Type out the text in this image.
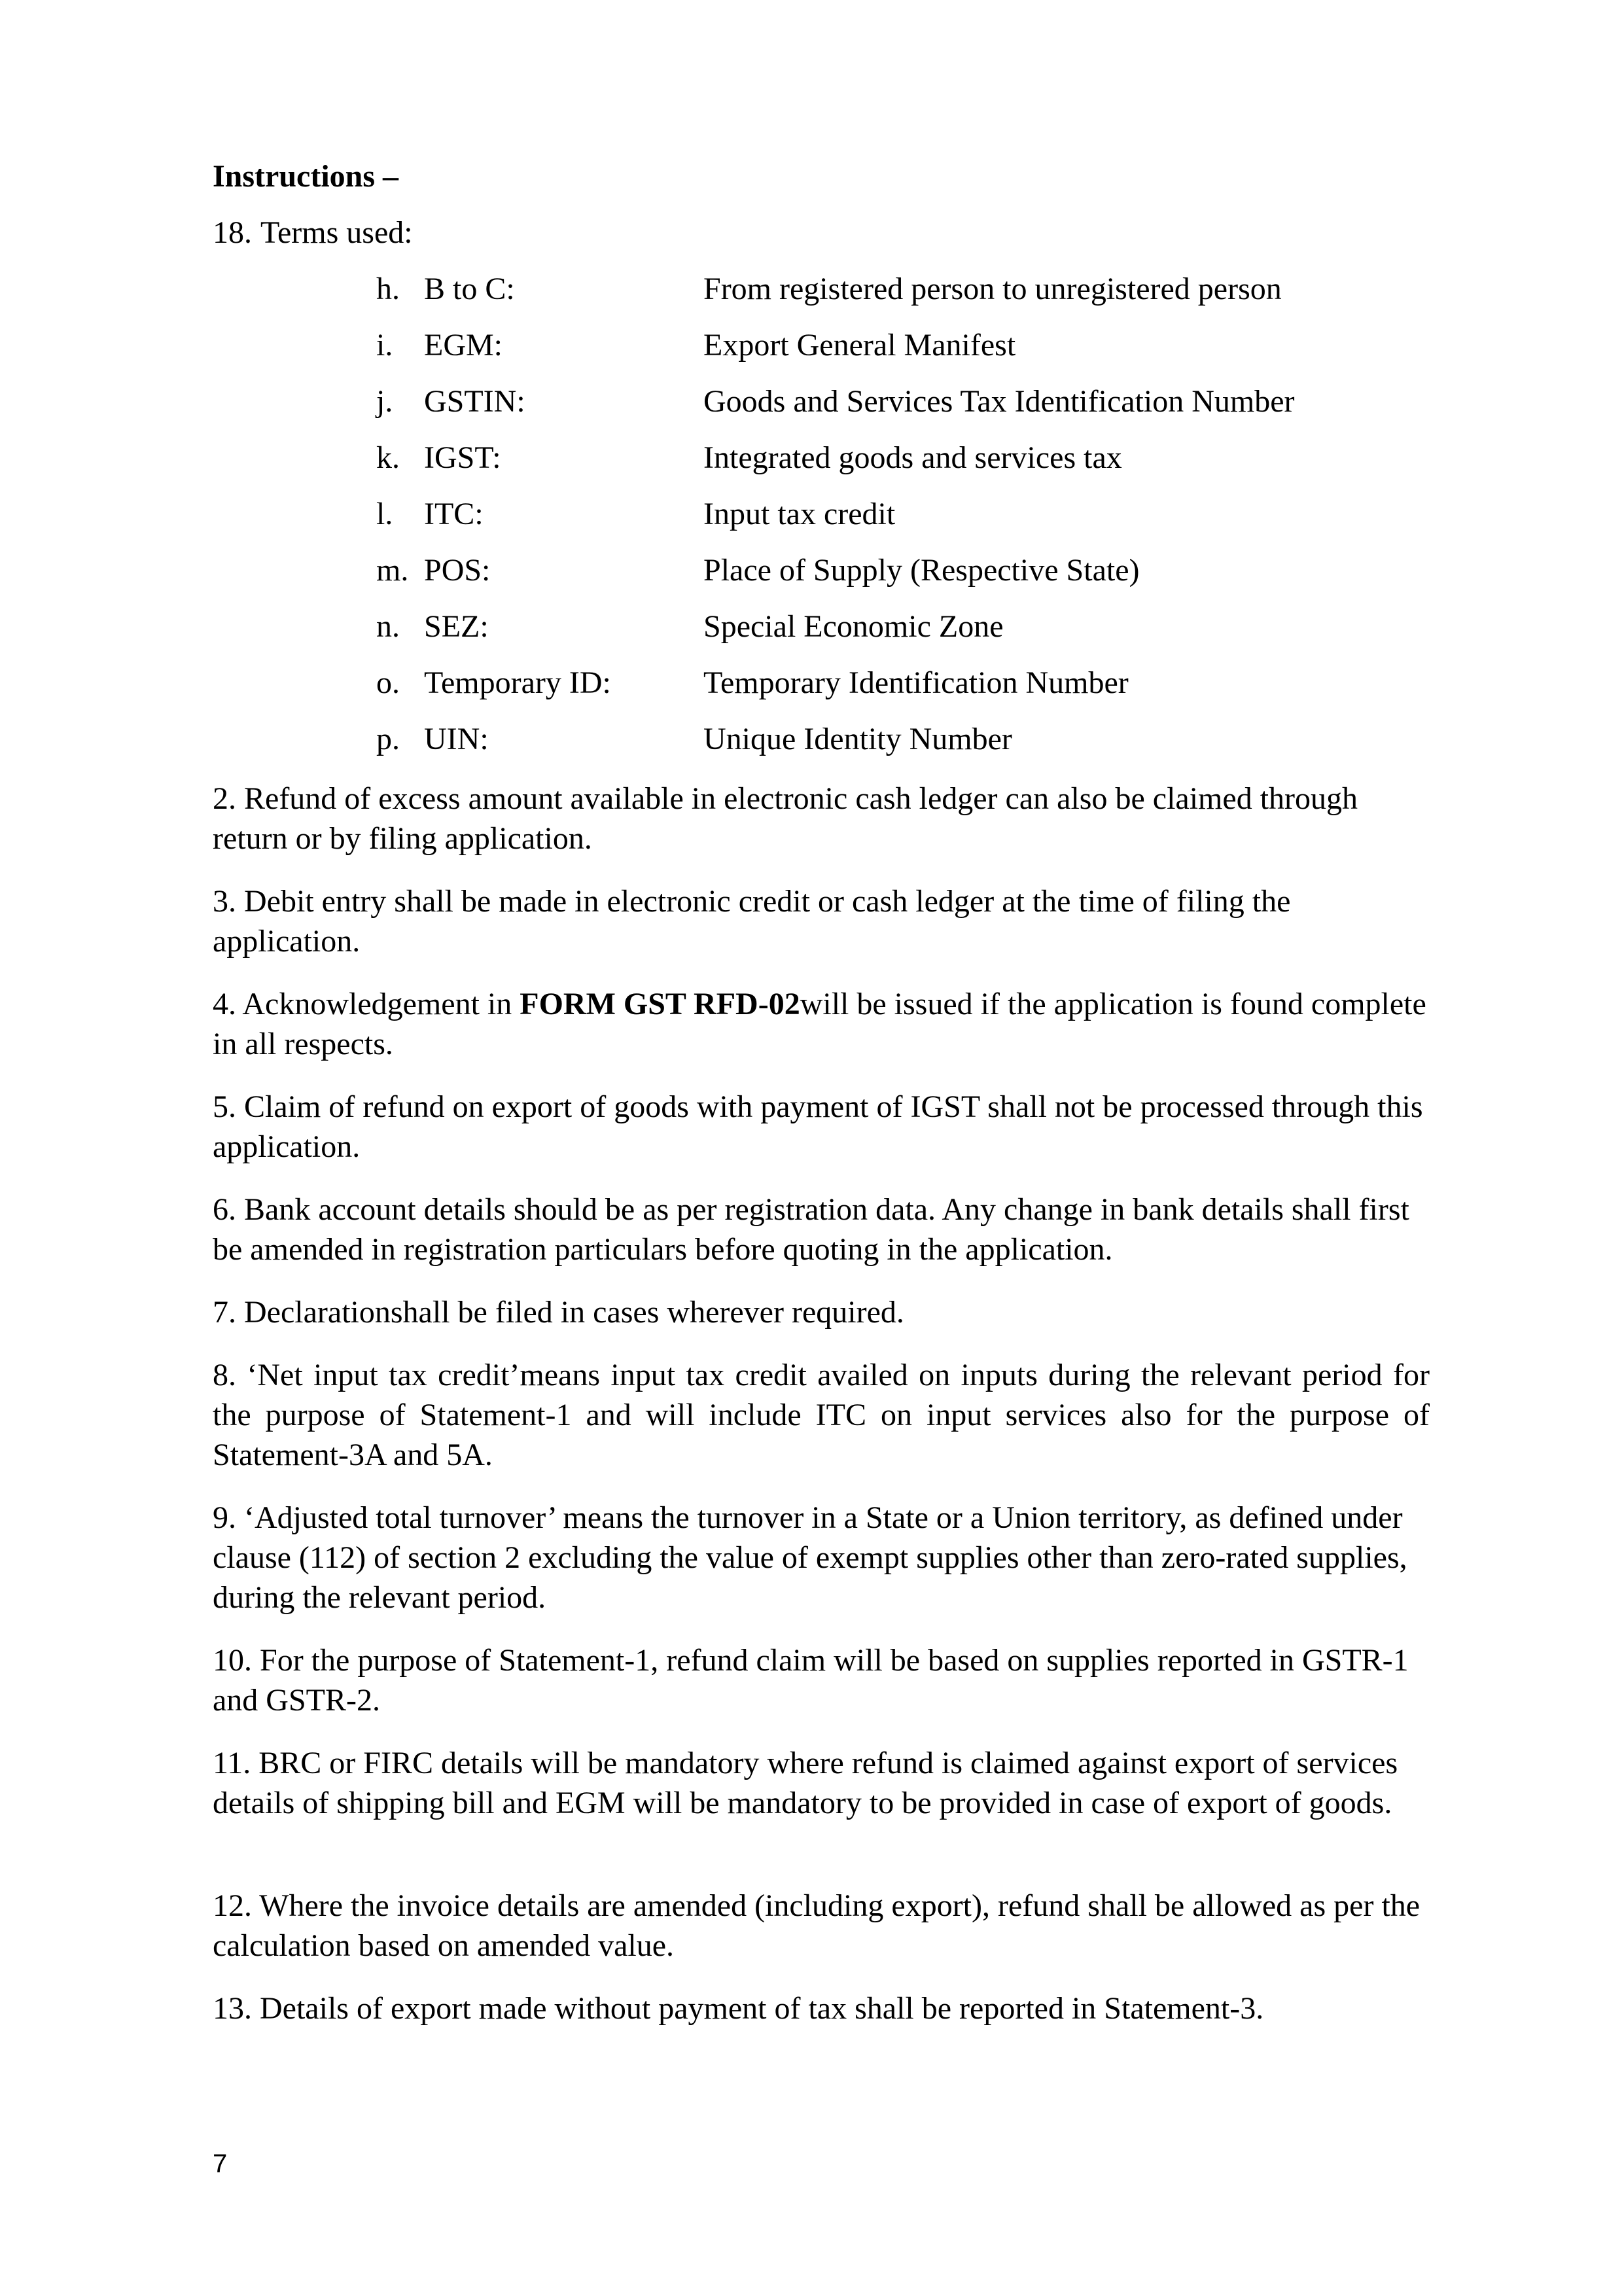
Instructions –
18. Terms used:
h. B to C:	From registered person to unregistered person
i. EGM:	Export General Manifest
j. GSTIN:	Goods and Services Tax Identification Number
k. IGST:	Integrated goods and services tax
l. ITC:	Input tax credit
m. POS:	Place of Supply (Respective State)
n. SEZ:	Special Economic Zone
o. Temporary ID:	Temporary Identification Number
p. UIN:	Unique Identity Number
2. Refund of excess amount available in electronic cash ledger can also be claimed through return or by filing application.
3. Debit entry shall be made in electronic credit or cash ledger at the time of filing the application.
4. Acknowledgement in FORM GST RFD-02will be issued if the application is found complete in all respects.
5. Claim of refund on export of goods with payment of IGST shall not be processed through this application.
6. Bank account details should be as per registration data. Any change in bank details shall first be amended in registration particulars before quoting in the application.
7. Declarationshall be filed in cases wherever required.
8. ‘Net input tax credit’means input tax credit availed on inputs during the relevant period for the purpose of Statement-1 and will include ITC on input services also for the purpose of Statement-3A and 5A.
9. ‘Adjusted total turnover’ means the turnover in a State or a Union territory, as defined under clause (112) of section 2 excluding the value of exempt supplies other than zero-rated supplies, during the relevant period.
10. For the purpose of Statement-1, refund claim will be based on supplies reported in GSTR-1 and GSTR-2.
11. BRC or FIRC details will be mandatory where refund is claimed against export of services details of shipping bill and EGM will be mandatory to be provided in case of export of goods.
12. Where the invoice details are amended (including export), refund shall be allowed as per the calculation based on amended value.
13. Details of export made without payment of tax shall be reported in Statement-3.
7
